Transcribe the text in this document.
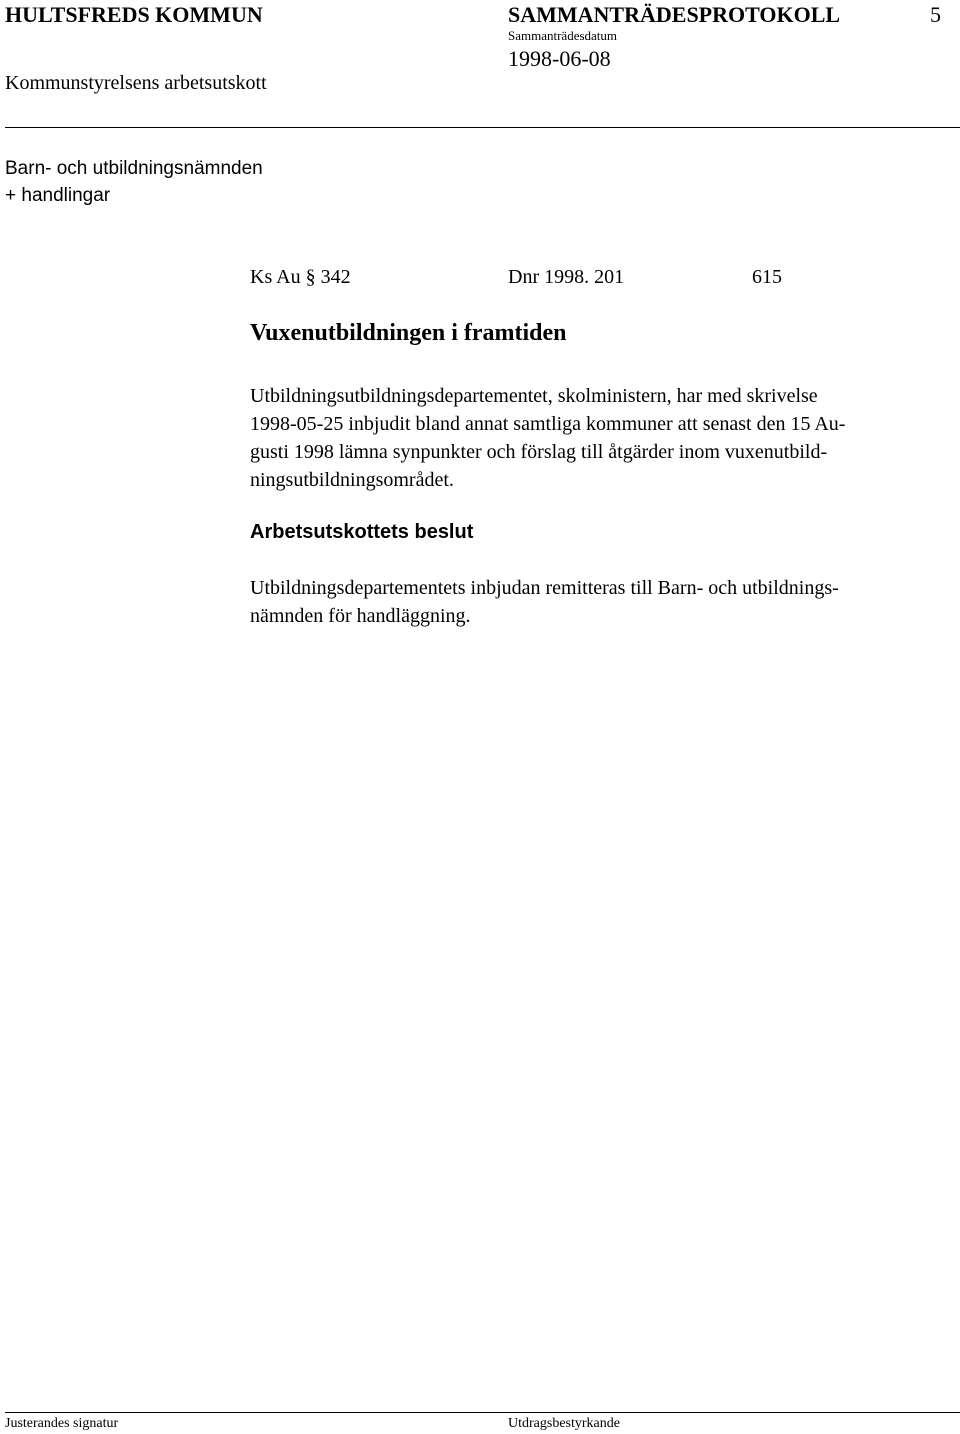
HULTSFREDS KOMMUN	SAMMANTRÄDESPROTOKOLL	5
Sammanträdesdatum
1998-06-08
Kommunstyrelsens arbetsutskott
Barn- och utbildningsnämnden
+ handlingar
Ks Au § 342	Dnr 1998. 201	615
Vuxenutbildningen i framtiden
Utbildningsutbildningsdepartementet, skolministern, har med skrivelse
1998-05-25 inbjudit bland annat samtliga kommuner att senast den 15 Au-
gusti 1998 lämna synpunkter och förslag till åtgärder inom vuxenutbild-
ningsutbildningsområdet.
Arbetsutskottets beslut
Utbildningsdepartementets inbjudan remitteras till Barn- och utbildnings-
nämnden för handläggning.
Justerandes signatur	Utdragsbestyrkande
